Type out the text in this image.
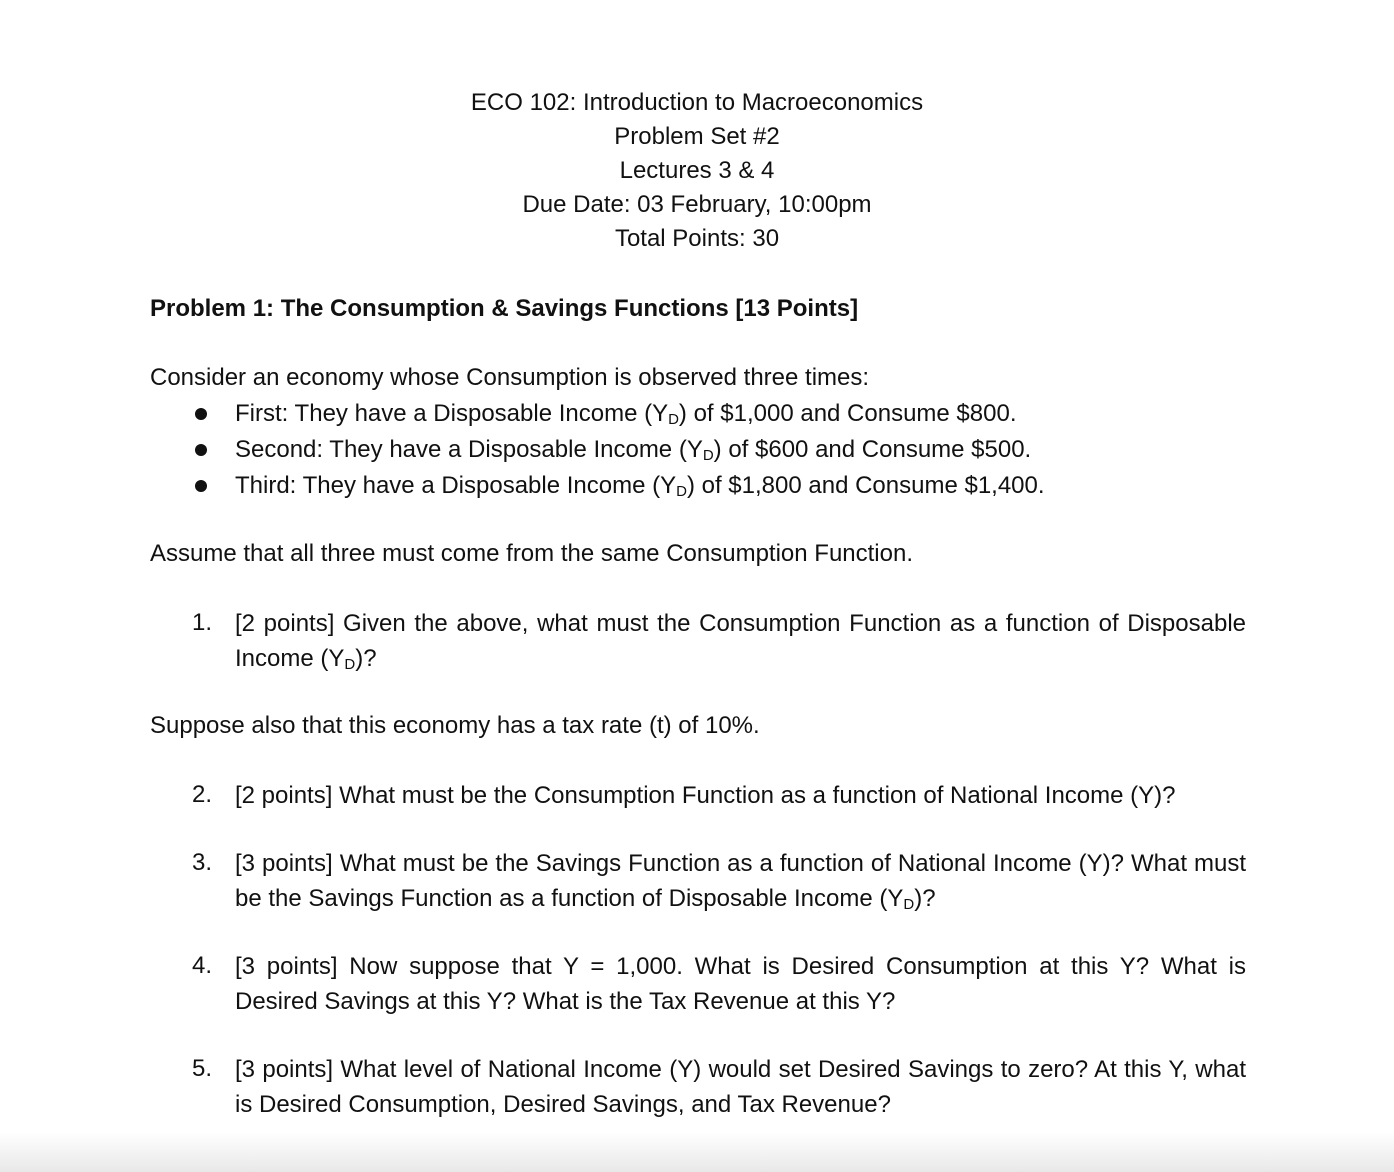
ECO 102: Introduction to Macroeconomics
Problem Set #2
Lectures 3 & 4
Due Date: 03 February, 10:00pm
Total Points: 30
Problem 1: The Consumption & Savings Functions [13 Points]
Consider an economy whose Consumption is observed three times:
First: They have a Disposable Income $(Y_D)$ of $1,000 and Consume $800.
Second: They have a Disposable Income $(Y_D)$ of $600 and Consume $500.
Third: They have a Disposable Income $(Y_D)$ of $1,800 and Consume $1,400.
Assume that all three must come from the same Consumption Function.
1. [2 points] Given the above, what must the Consumption Function as a function of Disposable Income $(Y_D)$?
Suppose also that this economy has a tax rate (t) of 10%.
2. [2 points] What must be the Consumption Function as a function of National Income (Y)?
3. [3 points] What must be the Savings Function as a function of National Income (Y)? What must be the Savings Function as a function of Disposable Income $(Y_D)$?
4. [3 points] Now suppose that Y = 1,000. What is Desired Consumption at this Y? What is Desired Savings at this Y? What is the Tax Revenue at this Y?
5. [3 points] What level of National Income (Y) would set Desired Savings to zero? At this Y, what is Desired Consumption, Desired Savings, and Tax Revenue?
